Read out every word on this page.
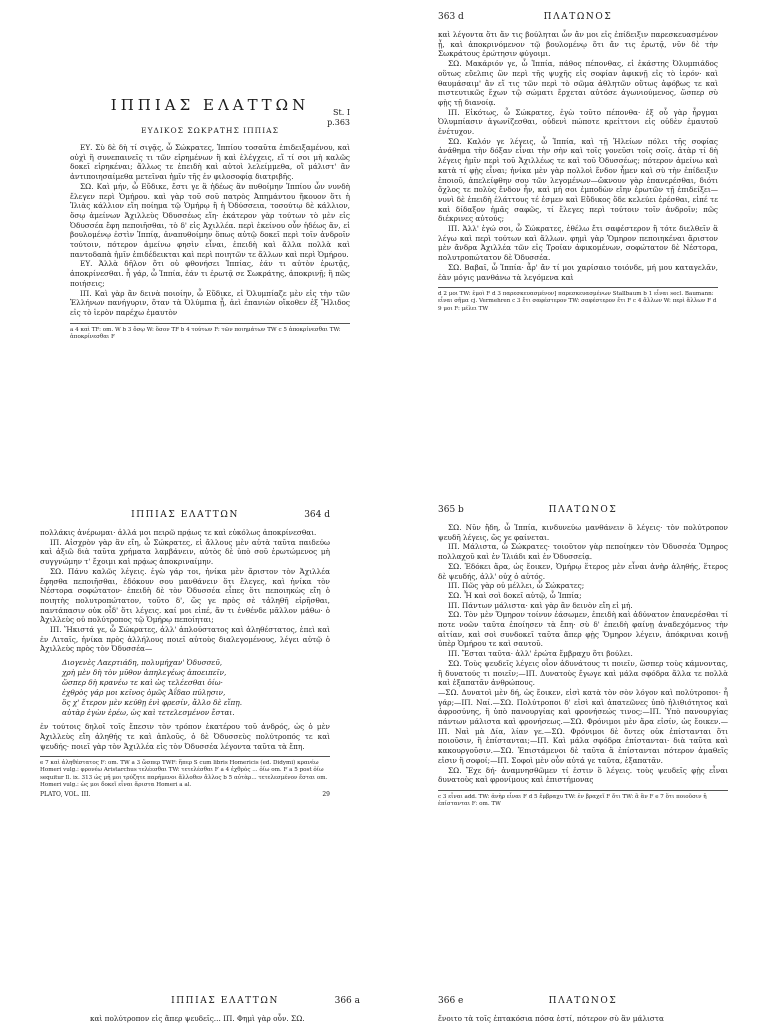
ΙΠΠΙΑΣ ΕΛΑΤΤΩΝ	St. I
p.363
ΕΥΔΙΚΟΣ ΣΩΚΡΑΤΗΣ ΙΠΠΙΑΣ

ΕΥ. Σὺ δὲ δὴ τί σιγᾷς, ὦ Σώκρατες, Ἱππίου τοσαῦτα ἐπιδειξαμένου, καὶ οὐχὶ ἢ συνεπαινεῖς τι τῶν εἰρημένων ἢ καὶ ἐλέγχεις, εἴ τί σοι μὴ καλῶς δοκεῖ εἰρηκέναι; ἄλλως τε ἐπειδὴ καὶ αὐτοὶ λελείμμεθα, οἳ μάλιστ' ἂν ἀντιποιησαίμεθα μετεῖναι ἡμῖν τῆς ἐν φιλοσοφίᾳ διατριβῆς.

ΣΩ. Καὶ μήν, ὦ Εὔδικε, ἔστι γε ἃ ἡδέως ἂν πυθοίμην Ἱππίου ὧν νυνδὴ ἔλεγεν περὶ Ὁμήρου. καὶ γὰρ τοῦ σοῦ πατρὸς Ἀπημάντου ἤκουον ὅτι ἡ Ἰλιὰς κάλλιον εἴη ποίημα τῷ Ὁμήρῳ ἢ ἡ Ὀδύσσεια, τοσούτῳ δὲ κάλλιον, ὅσῳ ἀμείνων Ἀχιλλεὺς Ὀδυσσέως εἴη· ἑκάτερον γὰρ τούτων τὸ μὲν εἰς Ὀδυσσέα ἔφη πεποιῆσθαι, τὸ δ' εἰς Ἀχιλλέα. περὶ ἐκείνου οὖν ἡδέως ἄν, εἰ βουλομένῳ ἐστὶν Ἱππίᾳ, ἀναπυθοίμην ὅπως αὐτῷ δοκεῖ περὶ τοῖν ἀνδροῖν τούτοιν, πότερον ἀμείνω φησὶν εἶναι, ἐπειδὴ καὶ ἄλλα πολλὰ καὶ παντοδαπὰ ἡμῖν ἐπιδέδεικται καὶ περὶ ποιητῶν τε ἄλλων καὶ περὶ Ὁμήρου.

ΕΥ. Ἀλλὰ δῆλον ὅτι οὐ φθονήσει Ἱππίας, ἐάν τι αὐτὸν ἐρωτᾷς, ἀποκρίνεσθαι. ἦ γάρ, ὦ Ἱππία, ἐάν τι ἐρωτᾷ σε Σωκράτης, ἀποκρινῇ; ἢ πῶς ποιήσεις;

ΙΠ. Καὶ γὰρ ἂν δεινὰ ποιοίην, ὦ Εὔδικε, εἰ Ὀλυμπίαζε μὲν εἰς τὴν τῶν Ἑλλήνων πανήγυριν, ὅταν τὰ Ὀλύμπια ᾖ, ἀεὶ ἐπανιὼν οἴκοθεν ἐξ Ἤλιδος εἰς τὸ ἱερὸν παρέχω ἐμαυτὸν

a 4 καὶ TF: om. W b 3 ὅσῳ W: ὅσον TF b 4 τούτων F: τῶν ποιημάτων TW c 5 ἀποκρίνεσθαι TW: ἀποκρίνεσθαι F
363 d	ΠΛΑΤΩΝΟΣ

καὶ λέγοντα ὅτι ἄν τις βούληται ὧν ἄν μοι εἰς ἐπίδειξιν παρεσκευασμένον ᾖ, καὶ ἀποκρινόμενον τῷ βουλομένῳ ὅτι ἄν τις ἐρωτᾷ, νῦν δὲ τὴν Σωκράτους ἐρώτησιν φύγοιμι.

ΣΩ. Μακάριόν γε, ὦ Ἱππία, πάθος πέπονθας, εἰ ἑκάστης Ὀλυμπιάδος οὕτως εὔελπις ὢν περὶ τῆς ψυχῆς εἰς σοφίαν ἀφικνῇ εἰς τὸ ἱερόν· καὶ θαυμάσαιμ' ἂν εἴ τις τῶν περὶ τὸ σῶμα ἀθλητῶν οὕτως ἀφόβως τε καὶ πιστευτικῶς ἔχων τῷ σώματι ἔρχεται αὐτόσε ἀγωνιούμενος, ὥσπερ σὺ φῂς τῇ διανοίᾳ.

ΙΠ. Εἰκότως, ὦ Σώκρατες, ἐγὼ τοῦτο πέπονθα· ἐξ οὗ γὰρ ἦργμαι Ὀλυμπίασιν ἀγωνίζεσθαι, οὐδενὶ πώποτε κρείττονι εἰς οὐδὲν ἐμαυτοῦ ἐνέτυχον.

ΣΩ. Καλόν γε λέγεις, ὦ Ἱππία, καὶ τῇ Ἠλείων πόλει τῆς σοφίας ἀνάθημα τὴν δόξαν εἶναι τὴν σὴν καὶ τοῖς γονεῦσι τοῖς σοῖς. ἀτὰρ τί δὴ λέγεις ἡμῖν περὶ τοῦ Ἀχιλλέως τε καὶ τοῦ Ὀδυσσέως; πότερον ἀμείνω καὶ κατὰ τί φῂς εἶναι; ἡνίκα μὲν γὰρ πολλοὶ ἔνδον ἦμεν καὶ σὺ τὴν ἐπίδειξιν ἐποιοῦ, ἀπελείφθην σου τῶν λεγομένων—ὤκνουν γὰρ ἐπανερέσθαι, διότι ὄχλος τε πολὺς ἔνδον ἦν, καὶ μή σοι ἐμποδὼν εἴην ἐρωτῶν τῇ ἐπιδείξει—νυνὶ δὲ ἐπειδὴ ἐλάττους τέ ἐσμεν καὶ Εὔδικος ὅδε κελεύει ἐρέσθαι, εἰπέ τε καὶ δίδαξον ἡμᾶς σαφῶς, τί ἔλεγες περὶ τούτοιν τοῖν ἀνδροῖν; πῶς διέκρινες αὐτούς;

ΙΠ. Ἀλλ' ἐγώ σοι, ὦ Σώκρατες, ἐθέλω ἔτι σαφέστερον ἢ τότε διελθεῖν ἃ λέγω καὶ περὶ τούτων καὶ ἄλλων. φημὶ γὰρ Ὅμηρον πεποιηκέναι ἄριστον μὲν ἄνδρα Ἀχιλλέα τῶν εἰς Τροίαν ἀφικομένων, σοφώτατον δὲ Νέστορα, πολυτροπώτατον δὲ Ὀδυσσέα.

ΣΩ. Βαβαῖ, ὦ Ἱππία· ἆρ' ἄν τί μοι χαρίσαιο τοιόνδε, μή μου καταγελᾶν, ἐὰν μόγις μανθάνω τὰ λεγόμενα καὶ

d 2 μοι TW: ἐμοὶ F d 3 παρεσκευασμένον] παρεσκευασμένων Stallbaum b 1 εἶναι secl. Baumann: εἶναι σῆμα cj. Vermehren c 3 ἔτι σαφέστερον TW: σαφέστερον ἔτι F c 4 ἄλλων W: περὶ ἄλλων F d 9 μοι F: μέλει TW
ΙΠΠΙΑΣ ΕΛΑΤΤΩΝ	364 d

πολλάκις ἀνέρωμαι· ἀλλά μοι πειρῶ πρᾴως τε καὶ εὐκόλως ἀποκρίνεσθαι.

ΙΠ. Αἰσχρὸν γὰρ ἂν εἴη, ὦ Σώκρατες, εἰ ἄλλους μὲν αὐτὰ ταῦτα παιδεύω καὶ ἀξιῶ διὰ ταῦτα χρήματα λαμβάνειν, αὐτὸς δὲ ὑπὸ σοῦ ἐρωτώμενος μὴ συγγνώμην τ' ἔχοιμι καὶ πρᾴως ἀποκριναίμην.

ΣΩ. Πάνυ καλῶς λέγεις. ἐγὼ γάρ τοι, ἡνίκα μὲν ἄριστον τὸν Ἀχιλλέα ἔφησθα πεποιῆσθαι, ἐδόκουν σου μανθάνειν ὅτι ἔλεγες, καὶ ἡνίκα τὸν Νέστορα σοφώτατον· ἐπειδὴ δὲ τὸν Ὀδυσσέα εἶπες ὅτι πεποιηκὼς εἴη ὁ ποιητὴς πολυτροπώτατον, τοῦτο δ', ὥς γε πρὸς σὲ τἀληθῆ εἰρῆσθαι, παντάπασιν οὐκ οἶδ' ὅτι λέγεις. καί μοι εἰπέ, ἄν τι ἐνθένδε μᾶλλον μάθω· ὁ Ἀχιλλεὺς οὐ πολύτροπος τῷ Ὁμήρῳ πεποίηται;

ΙΠ. Ἥκιστά γε, ὦ Σώκρατες, ἀλλ' ἁπλούστατος καὶ ἀληθέστατος, ἐπεὶ καὶ ἐν Λιταῖς, ἡνίκα πρὸς ἀλλήλους ποιεῖ αὐτοὺς διαλεγομένους, λέγει αὐτῷ ὁ Ἀχιλλεὺς πρὸς τὸν Ὀδυσσέα—

Διογενὲς Λαερτιάδη, πολυμήχαν' Ὀδυσσεῦ,
χρὴ μὲν δὴ τὸν μῦθον ἀπηλεγέως ἀποειπεῖν,
ὥσπερ δὴ κρανέω τε καὶ ὡς τελέεσθαι ὀίω·
ἐχθρὸς γάρ μοι κεῖνος ὁμῶς Ἀΐδαο πύλῃσιν,
ὅς χ' ἕτερον μὲν κεύθῃ ἐνὶ φρεσίν, ἄλλο δὲ εἴπῃ.
αὐτὰρ ἐγὼν ἐρέω, ὡς καὶ τετελεσμένον ἔσται.

ἐν τούτοις δηλοῖ τοῖς ἔπεσιν τὸν τρόπον ἑκατέρου τοῦ ἀνδρός, ὡς ὁ μὲν Ἀχιλλεὺς εἴη ἀληθής τε καὶ ἁπλοῦς, ὁ δὲ Ὀδυσσεὺς πολύτροπός τε καὶ ψευδής· ποιεῖ γὰρ τὸν Ἀχιλλέα εἰς τὸν Ὀδυσσέα λέγοντα ταῦτα τὰ ἔπη.

e 7 καὶ ἀληθέστατος F: om. TW a 3 ὥσπερ TWF: ἥπερ S cum libris Homericis (ed. Didymi) κρανέω Homeri vulg.: φρονέω Aristarchus τελέεσθαι TW: τετελέσθαι F a 4 ἐχθρὸς ... ὀίω om. F a 5 post ὀίω sequitur Il. ix. 313 ὡς μή μοι τρύζητε παρήμενοι ἄλλοθεν ἄλλος b 5 αὐτὰρ... τετελεσμένον ἔσται om. Homeri vulg.: ὡς μοι δοκεῖ εἶναι ἄριστα Homeri a al.
PLATO, VOL. III.	29
365 b	ΠΛΑΤΩΝΟΣ

ΣΩ. Νῦν ἤδη, ὦ Ἱππία, κινδυνεύω μανθάνειν ὃ λέγεις· τὸν πολύτροπον ψευδῆ λέγεις, ὥς γε φαίνεται.

ΙΠ. Μάλιστα, ὦ Σώκρατες· τοιοῦτον γὰρ πεποίηκεν τὸν Ὀδυσσέα Ὅμηρος πολλαχοῦ καὶ ἐν Ἰλιάδι καὶ ἐν Ὀδυσσείᾳ.

ΣΩ. Ἐδόκει ἄρα, ὡς ἔοικεν, Ὁμήρῳ ἕτερος μὲν εἶναι ἀνὴρ ἀληθής, ἕτερος δὲ ψευδής, ἀλλ' οὐχ ὁ αὐτός.

ΙΠ. Πῶς γὰρ οὐ μέλλει, ὦ Σώκρατες;

ΣΩ. Ἦ καὶ σοὶ δοκεῖ αὐτῷ, ὦ Ἱππία;

ΙΠ. Πάντων μάλιστα· καὶ γὰρ ἂν δεινὸν εἴη εἰ μή.

ΣΩ. Τὸν μὲν Ὅμηρον τοίνυν ἐάσωμεν, ἐπειδὴ καὶ ἀδύνατον ἐπανερέσθαι τί ποτε νοῶν ταῦτα ἐποίησεν τὰ ἔπη· σὺ δ' ἐπειδὴ φαίνῃ ἀναδεχόμενος τὴν αἰτίαν, καὶ σοὶ συνδοκεῖ ταῦτα ἅπερ φῂς Ὅμηρον λέγειν, ἀπόκριναι κοινῇ ὑπὲρ Ὁμήρου τε καὶ σαυτοῦ.

ΙΠ. Ἔσται ταῦτα· ἀλλ' ἐρώτα ἔμβραχυ ὅτι βούλει.

ΣΩ. Τοὺς ψευδεῖς λέγεις οἷον ἀδυνάτους τι ποιεῖν, ὥσπερ τοὺς κάμνοντας, ἢ δυνατούς τι ποιεῖν;—ΙΠ. Δυνατοὺς ἔγωγε καὶ μάλα σφόδρα ἄλλα τε πολλὰ καὶ ἐξαπατᾶν ἀνθρώπους.

—ΣΩ. Δυνατοὶ μὲν δή, ὡς ἔοικεν, εἰσὶ κατὰ τὸν σὸν λόγον καὶ πολύτροποι· ἦ γάρ;—ΙΠ. Ναί.—ΣΩ. Πολύτροποι δ' εἰσὶ καὶ ἀπατεῶνες ὑπὸ ἠλιθιότητος καὶ ἀφροσύνης, ἢ ὑπὸ πανουργίας καὶ φρονήσεώς τινος;—ΙΠ. Ὑπὸ πανουργίας πάντων μάλιστα καὶ φρονήσεως.—ΣΩ. Φρόνιμοι μὲν ἄρα εἰσίν, ὡς ἔοικεν.—ΙΠ. Ναὶ μὰ Δία, λίαν γε.—ΣΩ. Φρόνιμοι δὲ ὄντες οὐκ ἐπίστανται ὅτι ποιοῦσιν, ἢ ἐπίστανται;—ΙΠ. Καὶ μάλα σφόδρα ἐπίστανται· διὰ ταῦτα καὶ κακουργοῦσιν.—ΣΩ. Ἐπιστάμενοι δὲ ταῦτα ἃ ἐπίστανται πότερον ἀμαθεῖς εἰσιν ἢ σοφοί;—ΙΠ. Σοφοὶ μὲν οὖν αὐτά γε ταῦτα, ἐξαπατᾶν.

ΣΩ. Ἔχε δή· ἀναμνησθῶμεν τί ἐστιν ὃ λέγεις. τοὺς ψευδεῖς φῂς εἶναι δυνατοὺς καὶ φρονίμους καὶ ἐπιστήμονας

c 3 εἶναι add. TW: ἀνὴρ εἶναι F d 5 ἔμβραχυ TW: ἐν βραχεῖ F ὅτι TW: ἃ ἂν F e 7 ὅτι ποιοῦσιν ἢ ἐπίστανται F: om. TW
ΙΠΠΙΑΣ ΕΛΑΤΤΩΝ	366 a
καὶ πολύτροπον εἰς ἅπερ ψευδεῖς... ΙΠ. Φημὶ γὰρ οὖν. ΣΩ.
366 e	ΠΛΑΤΩΝΟΣ
ἕνοιτο τὰ τοῖς ἐπτακόσια πόσα ἐστί, πότερον σὺ ἂν μάλιστα
